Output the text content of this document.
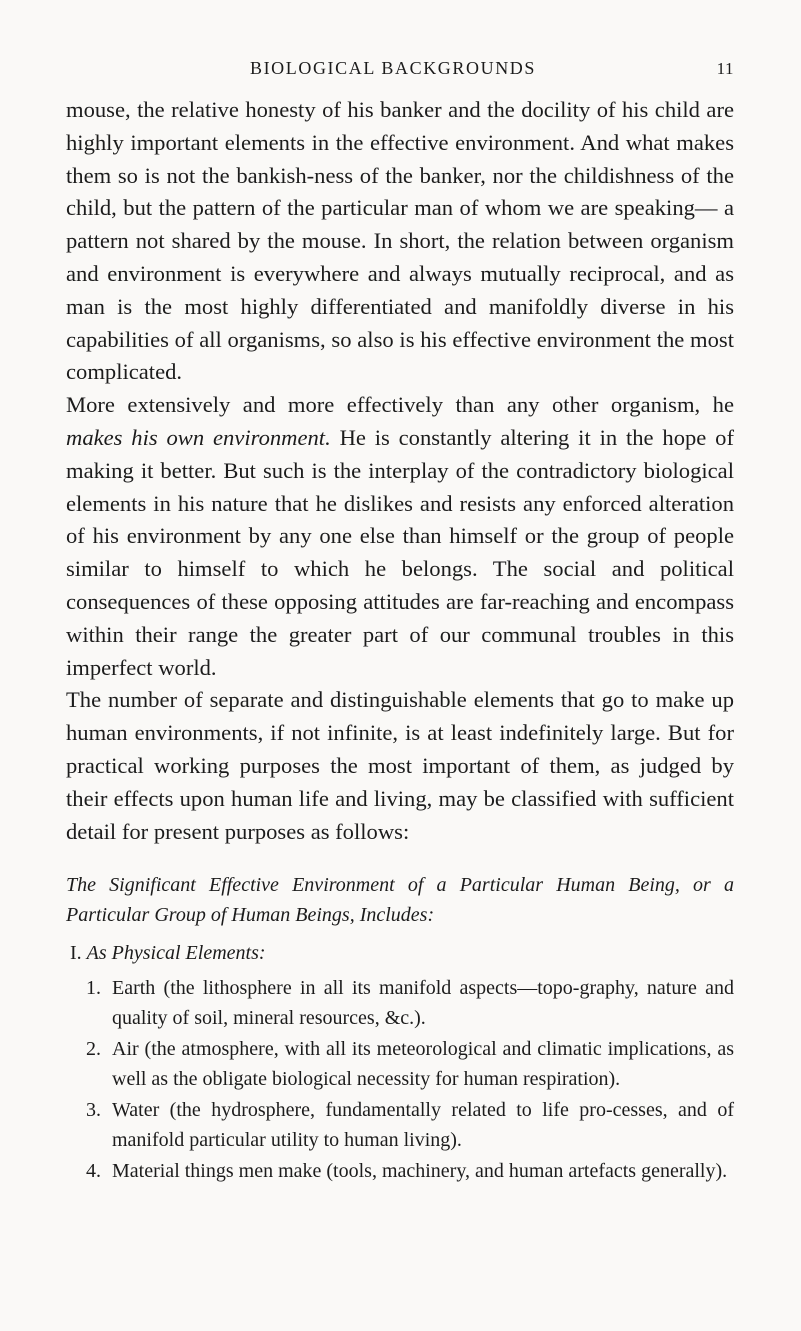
BIOLOGICAL BACKGROUNDS	11

mouse, the relative honesty of his banker and the docility of his child are highly important elements in the effective environment. And what makes them so is not the bankish-ness of the banker, nor the childishness of the child, but the pattern of the particular man of whom we are speaking— a pattern not shared by the mouse. In short, the relation between organism and environment is everywhere and always mutually reciprocal, and as man is the most highly differentiated and manifoldly diverse in his capabilities of all organisms, so also is his effective environment the most complicated.

More extensively and more effectively than any other organism, he makes his own environment. He is constantly altering it in the hope of making it better. But such is the interplay of the contradictory biological elements in his nature that he dislikes and resists any enforced alteration of his environment by any one else than himself or the group of people similar to himself to which he belongs. The social and political consequences of these opposing attitudes are far-reaching and encompass within their range the greater part of our communal troubles in this imperfect world.

The number of separate and distinguishable elements that go to make up human environments, if not infinite, is at least indefinitely large. But for practical working purposes the most important of them, as judged by their effects upon human life and living, may be classified with sufficient detail for present purposes as follows:

The Significant Effective Environment of a Particular Human Being, or a Particular Group of Human Beings, Includes:
I. As Physical Elements:
1. Earth (the lithosphere in all its manifold aspects—topo-graphy, nature and quality of soil, mineral resources, &c.).
2. Air (the atmosphere, with all its meteorological and climatic implications, as well as the obligate biological necessity for human respiration).
3. Water (the hydrosphere, fundamentally related to life pro-cesses, and of manifold particular utility to human living).
4. Material things men make (tools, machinery, and human artefacts generally).
